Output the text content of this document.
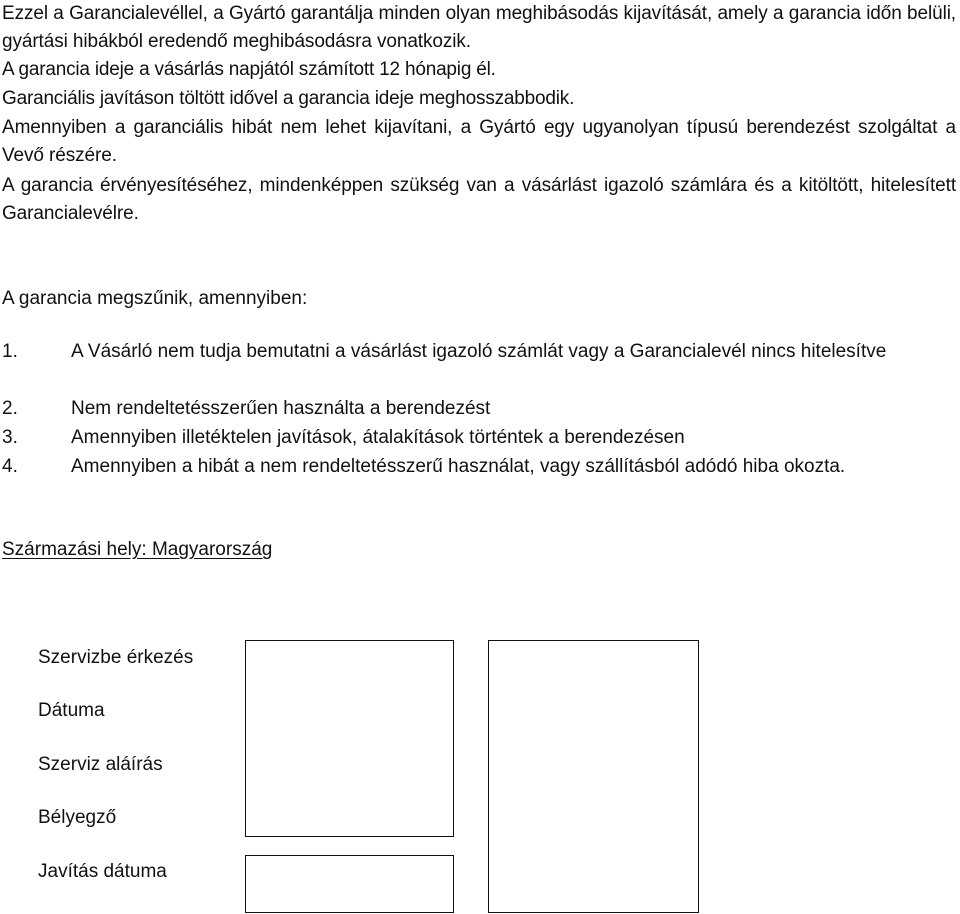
Ezzel a Garancialevéllel, a Gyártó garantálja minden olyan meghibásodás kijavítását, amely a garancia időn belüli, gyártási hibákból eredendő meghibásodásra vonatkozik.

A garancia ideje a vásárlás napjától számított 12 hónapig él.

Garanciális javításon töltött idővel a garancia ideje meghosszabbodik.

Amennyiben a garanciális hibát nem lehet kijavítani, a Gyártó egy ugyanolyan típusú berendezést szolgáltat a Vevő részére.

A garancia érvényesítéséhez, mindenképpen szükség van a vásárlást igazoló számlára és a kitöltött, hitelesített Garancialevélre.

A garancia megszűnik, amennyiben:

1.	A Vásárló nem tudja bemutatni a vásárlást igazoló számlát vagy a Garancialevél nincs hitelesítve
2.	Nem rendeltetésszerűen használta a berendezést
3.	Amennyiben illetéktelen javítások, átalakítások történtek a berendezésen
4.	Amennyiben a hibát a nem rendeltetésszerű használat, vagy szállításból adódó hiba okozta.

Származási hely: Magyarország

Szervizbe érkezés

Dátuma

Szerviz aláírás

Bélyegző

Javítás dátuma
